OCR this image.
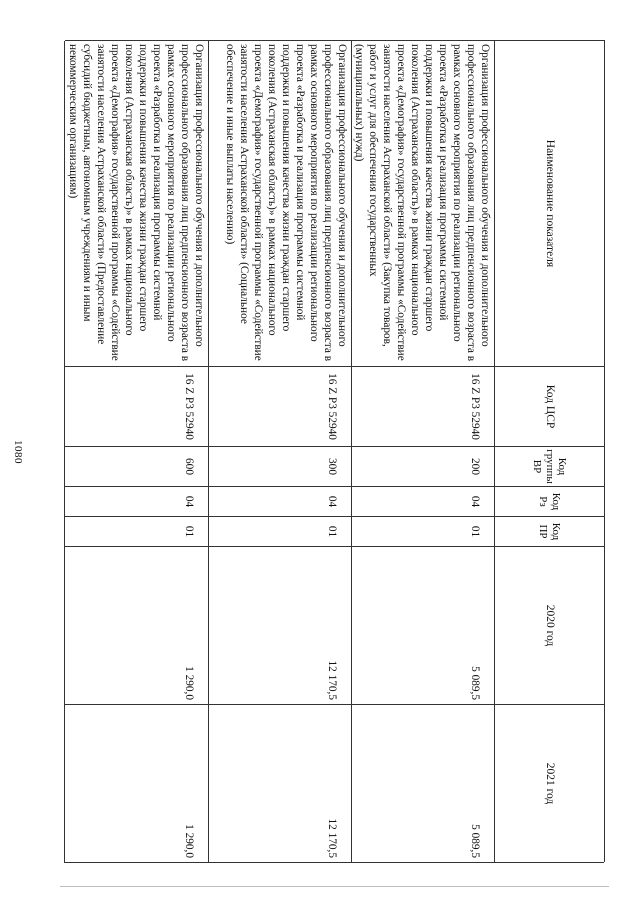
1080
Наименование показателя
Код ЦСР
Код группы ВР
Код Рз
Код ПР
2020 год
2021 год
Организация профессионального обучения и дополнительного профессионального образования лиц предпенсионного возраста в рамках основного мероприятия по реализации регионального проекта «Разработка и реализация программы системной поддержки и повышения качества жизни граждан старшего поколения (Астраханская область)» в рамках национального проекта «Демография» государственной программы «Содействие занятости населения Астраханской области» (Закупка товаров, работ и услуг для обеспечения государственных (муниципальных) нужд)
16 Z P3 52940
200
04
01
5 089,5
5 089,5
Организация профессионального обучения и дополнительного профессионального образования лиц предпенсионного возраста в рамках основного мероприятия по реализации регионального проекта «Разработка и реализация программы системной поддержки и повышения качества жизни граждан старшего поколения (Астраханская область)» в рамках национального проекта «Демография» государственной программы «Содействие занятости населения Астраханской области» (Социальное обеспечение и иные выплаты населению)
16 Z P3 52940
300
04
01
12 170,5
12 170,5
Организация профессионального обучения и дополнительного профессионального образования лиц предпенсионного возраста в рамках основного мероприятия по реализации регионального проекта «Разработка и реализация программы системной поддержки и повышения качества жизни граждан старшего поколения (Астраханская область)» в рамках национального проекта «Демография» государственной программы «Содействие занятости населения Астраханской области» (Предоставление субсидий бюджетным, автономным учреждениям и иным некоммерческим организациям)
16 Z P3 52940
600
04
01
1 290,0
1 290,0
